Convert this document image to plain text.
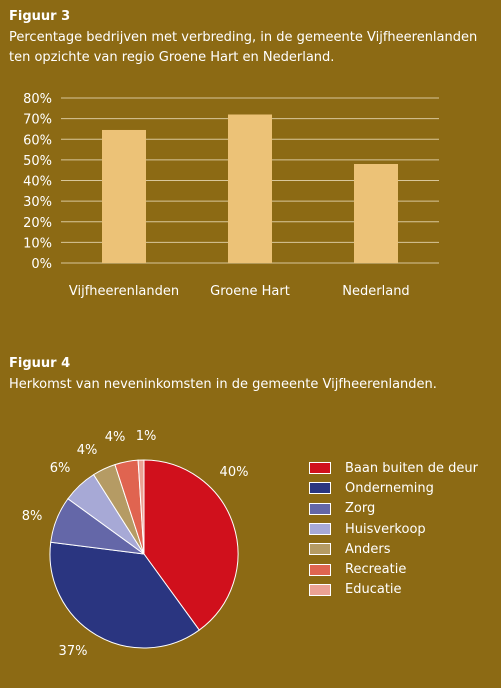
Figuur 3
Percentage bedrijven met verbreding, in de gemeente Vijfheerenlanden ten opzichte van regio Groene Hart en Nederland.
0%
10%
20%
30%
40%
50%
60%
70%
80%
Vijfheerenlanden Groene Hart	Nederland
Figuur 4
Herkomst van neveninkomsten in de gemeente Vijfheerenlanden.
40%
37%
8%
6%
4%
4% 1%
Baan buiten de deur
Onderneming
Zorg
Huisverkoop
Anders
Recreatie
Educatie
